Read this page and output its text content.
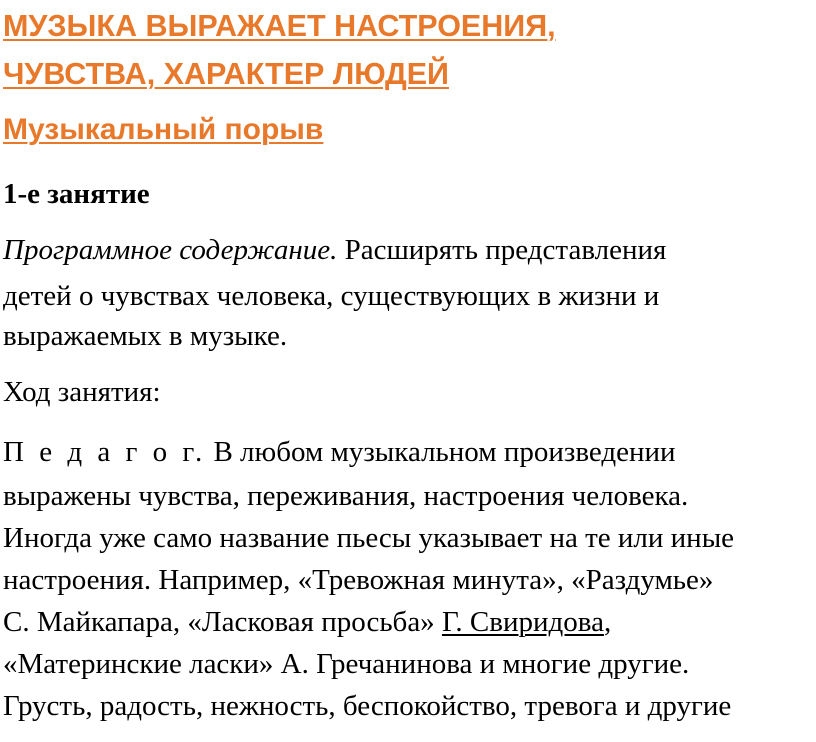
МУЗЫКА ВЫРАЖАЕТ НАСТРОЕНИЯ,
ЧУВСТВА, ХАРАКТЕР ЛЮДЕЙ
Музыкальный порыв
1-е занятие
Программное содержание. Расширять представления
детей о чувствах человека, существующих в жизни и
выражаемых в музыке.
Ход занятия:
П е д а г о г. В любом музыкальном произведении
выражены чувства, переживания, настроения человека.
Иногда уже само название пьесы указывает на те или иные
настроения. Например, «Тревожная минута», «Раздумье»
С. Майкапара, «Ласковая просьба» Г. Свиридова,
«Материнские ласки» А. Гречанинова и многие другие.
Грусть, радость, нежность, беспокойство, тревога и другие
